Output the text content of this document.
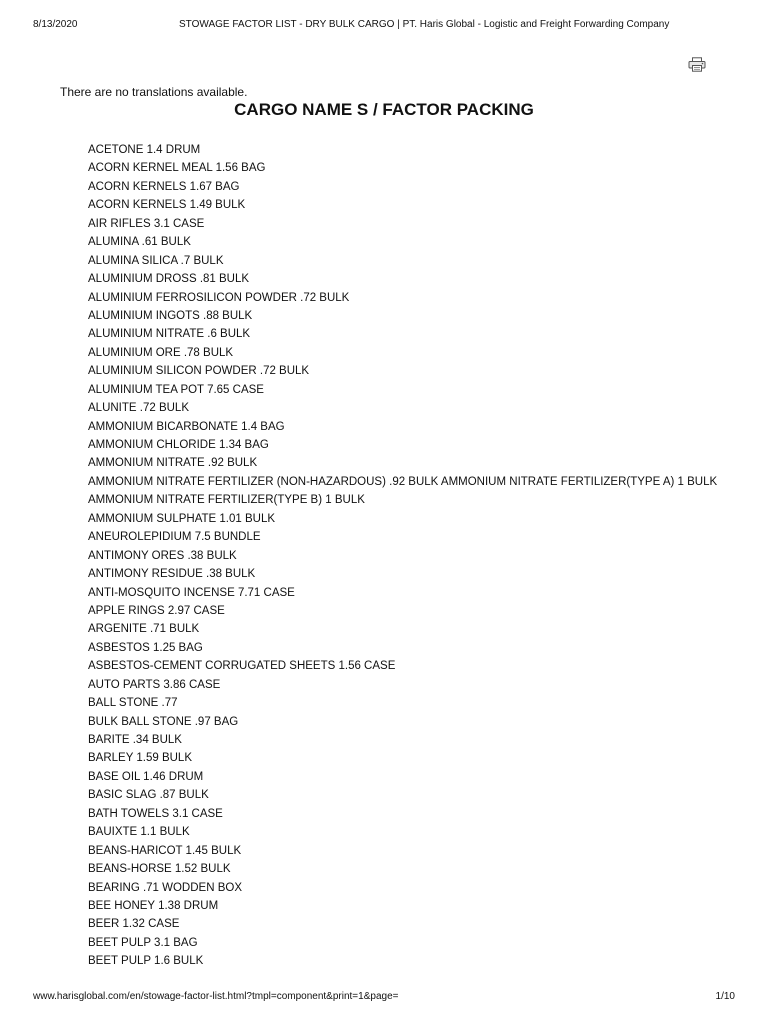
8/13/2020	STOWAGE FACTOR LIST - DRY BULK CARGO | PT. Haris Global - Logistic and Freight Forwarding Company

There are no translations available.

CARGO NAME S / FACTOR PACKING
ACETONE 1.4 DRUM
ACORN KERNEL MEAL 1.56 BAG
ACORN KERNELS 1.67 BAG
ACORN KERNELS 1.49 BULK
AIR RIFLES 3.1 CASE
ALUMINA .61 BULK
ALUMINA SILICA .7 BULK
ALUMINIUM DROSS .81 BULK
ALUMINIUM FERROSILICON POWDER .72 BULK
ALUMINIUM INGOTS .88 BULK
ALUMINIUM NITRATE .6 BULK
ALUMINIUM ORE .78 BULK
ALUMINIUM SILICON POWDER .72 BULK
ALUMINIUM TEA POT 7.65 CASE
ALUNITE .72 BULK
AMMONIUM BICARBONATE 1.4 BAG
AMMONIUM CHLORIDE 1.34 BAG
AMMONIUM NITRATE .92 BULK
AMMONIUM NITRATE FERTILIZER (NON-HAZARDOUS) .92 BULK AMMONIUM NITRATE FERTILIZER(TYPE A) 1 BULK
AMMONIUM NITRATE FERTILIZER(TYPE B) 1 BULK
AMMONIUM SULPHATE 1.01 BULK
ANEUROLEPIDIUM 7.5 BUNDLE
ANTIMONY ORES .38 BULK
ANTIMONY RESIDUE .38 BULK
ANTI-MOSQUITO INCENSE 7.71 CASE
APPLE RINGS 2.97 CASE
ARGENITE .71 BULK
ASBESTOS 1.25 BAG
ASBESTOS-CEMENT CORRUGATED SHEETS 1.56 CASE
AUTO PARTS 3.86 CASE
BALL STONE .77
BULK BALL STONE .97 BAG
BARITE .34 BULK
BARLEY 1.59 BULK
BASE OIL 1.46 DRUM
BASIC SLAG .87 BULK
BATH TOWELS 3.1 CASE
BAUIXTE 1.1 BULK
BEANS-HARICOT 1.45 BULK
BEANS-HORSE 1.52 BULK
BEARING .71 WODDEN BOX
BEE HONEY 1.38 DRUM
BEER 1.32 CASE
BEET PULP 3.1 BAG
BEET PULP 1.6 BULK
www.harisglobal.com/en/stowage-factor-list.html?tmpl=component&print=1&page=	1/10
